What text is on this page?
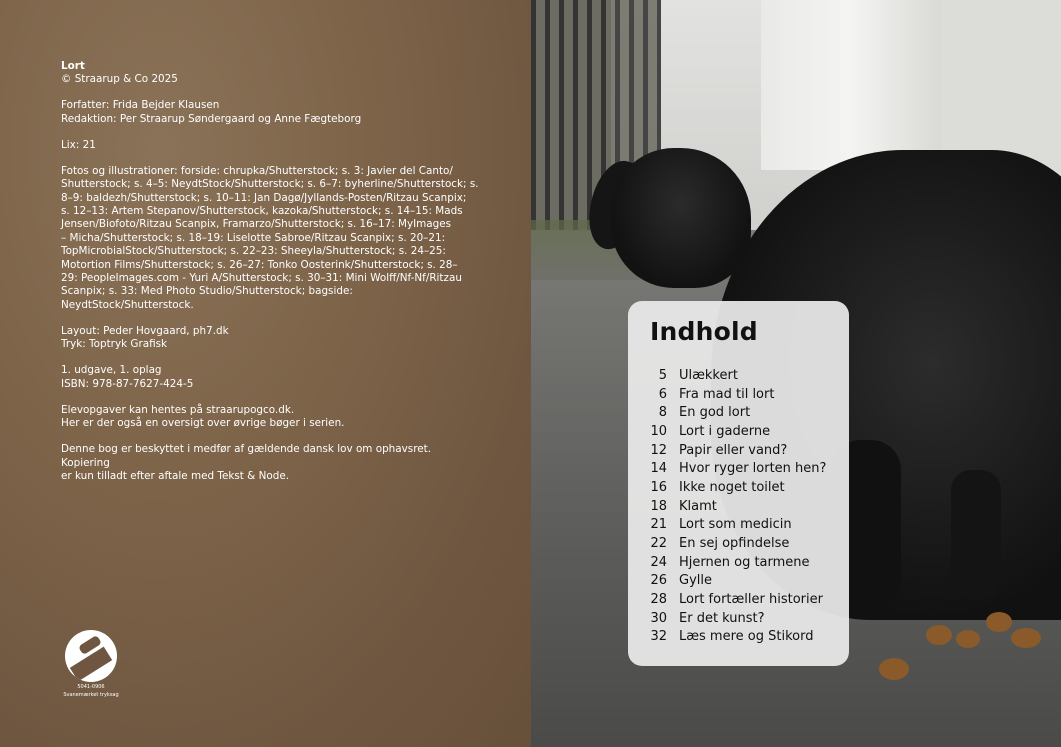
Lort
© Straarup & Co 2025

Forfatter: Frida Bejder Klausen
Redaktion: Per Straarup Søndergaard og Anne Fægteborg

Lix: 21

Fotos og illustrationer: forside: chrupka/Shutterstock; s. 3: Javier del Canto/
Shutterstock; s. 4–5: NeydtStock/Shutterstock; s. 6–7: byherline/Shutterstock; s.
8–9: baldezh/Shutterstock; s. 10–11: Jan Dagø/Jyllands-Posten/Ritzau Scanpix;
s. 12–13: Artem Stepanov/Shutterstock, kazoka/Shutterstock; s. 14–15: Mads
Jensen/Biofoto/Ritzau Scanpix, Framarzo/Shutterstock; s. 16–17: MyImages
– Micha/Shutterstock; s. 18–19: Liselotte Sabroe/Ritzau Scanpix; s. 20–21:
TopMicrobialStock/Shutterstock; s. 22–23: Sheeyla/Shutterstock; s. 24–25:
Motortion Films/Shutterstock; s. 26–27: Tonko Oosterink/Shutterstock; s. 28–
29: PeopleImages.com - Yuri A/Shutterstock; s. 30–31: Mini Wolff/Nf-Nf/Ritzau
Scanpix; s. 33: Med Photo Studio/Shutterstock; bagside: NeydtStock/Shutterstock.

Layout: Peder Hovgaard, ph7.dk
Tryk: Toptryk Grafisk

1. udgave, 1. oplag
ISBN: 978-87-7627-424-5

Elevopgaver kan hentes på straarupogco.dk.
Her er der også en oversigt over øvrige bøger i serien.

Denne bog er beskyttet i medfør af gældende dansk lov om ophavsret. Kopiering
er kun tilladt efter aftale med Tekst & Node.

5041-0906
Svanemærket tryksag
Indhold
5 Ulækkert
6 Fra mad til lort
8 En god lort
10 Lort i gaderne
12 Papir eller vand?
14 Hvor ryger lorten hen?
16 Ikke noget toilet
18 Klamt
21 Lort som medicin
22 En sej opfindelse
24 Hjernen og tarmene
26 Gylle
28 Lort fortæller historier
30 Er det kunst?
32 Læs mere og Stikord
